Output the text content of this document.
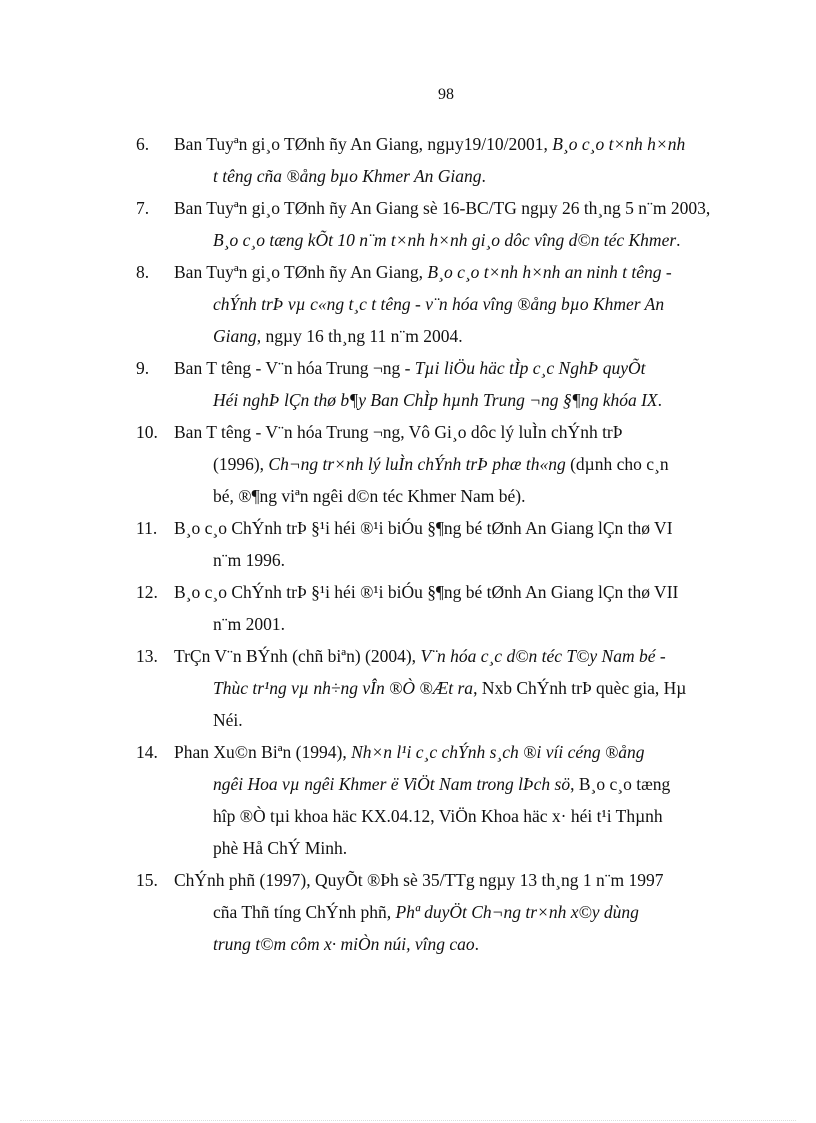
98
6. Ban Tuyªn gi¸o TØnh ñy An Giang, ngµy19/10/2001, B¸o c¸o t×nh h×nh
t têng cña ®ång bµo Khmer An Giang.
7. Ban Tuyªn gi¸o TØnh ñy An Giang sè 16-BC/TG ngµy 26 th¸ng 5 n¨m 2003,
B¸o c¸o tæng kÕt 10 n¨m t×nh h×nh gi¸o dôc vîng d©n téc Khmer.
8. Ban Tuyªn gi¸o TØnh ñy An Giang, B¸o c¸o t×nh h×nh an ninh t têng -
chÝnh trÞ vµ c«ng t¸c t têng - v¨n hóa vîng ®ång bµo Khmer An
Giang, ngµy 16 th¸ng 11 n¨m 2004.
9. Ban T têng - V¨n hóa Trung ¬ng - Tµi liÖu häc tÌp c¸c NghÞ quyÕt
Héi nghÞ lÇn thø b¶y Ban ChÌp hµnh Trung ¬ng §¶ng khóa IX.
10. Ban T têng - V¨n hóa Trung ¬ng, Vô Gi¸o dôc lý luÌn chÝnh trÞ
(1996), Ch¬ng tr×nh lý luÌn chÝnh trÞ phæ th«ng (dµnh cho c¸n
bé, ®¶ng viªn ngêi d©n téc Khmer Nam bé).
11. B¸o c¸o ChÝnh trÞ §¹i héi ®¹i biÓu §¶ng bé tØnh An Giang lÇn thø VI
n¨m 1996.
12. B¸o c¸o ChÝnh trÞ §¹i héi ®¹i biÓu §¶ng bé tØnh An Giang lÇn thø VII
n¨m 2001.
13. TrÇn V¨n BÝnh (chñ biªn) (2004), V¨n hóa c¸c d©n téc T©y Nam bé -
Thùc tr¹ng vµ nh÷ng vÎn ®Ò ®Æt ra, Nxb ChÝnh trÞ quèc gia, Hµ
Néi.
14. Phan Xu©n Biªn (1994), Nh×n l¹i c¸c chÝnh s¸ch ®i víi céng ®ång
ngêi Hoa vµ ngêi Khmer ë ViÖt Nam trong lÞch sö, B¸o c¸o tæng
hîp ®Ò tµi khoa häc KX.04.12, ViÖn Khoa häc x· héi t¹i Thµnh
phè Hå ChÝ Minh.
15. ChÝnh phñ (1997), QuyÕt ®Þh sè 35/TTg ngµy 13 th¸ng 1 n¨m 1997
cña Thñ tíng ChÝnh phñ, Phª duyÖt Ch¬ng tr×nh x©y dùng
trung t©m côm x· miÒn núi, vîng cao.
